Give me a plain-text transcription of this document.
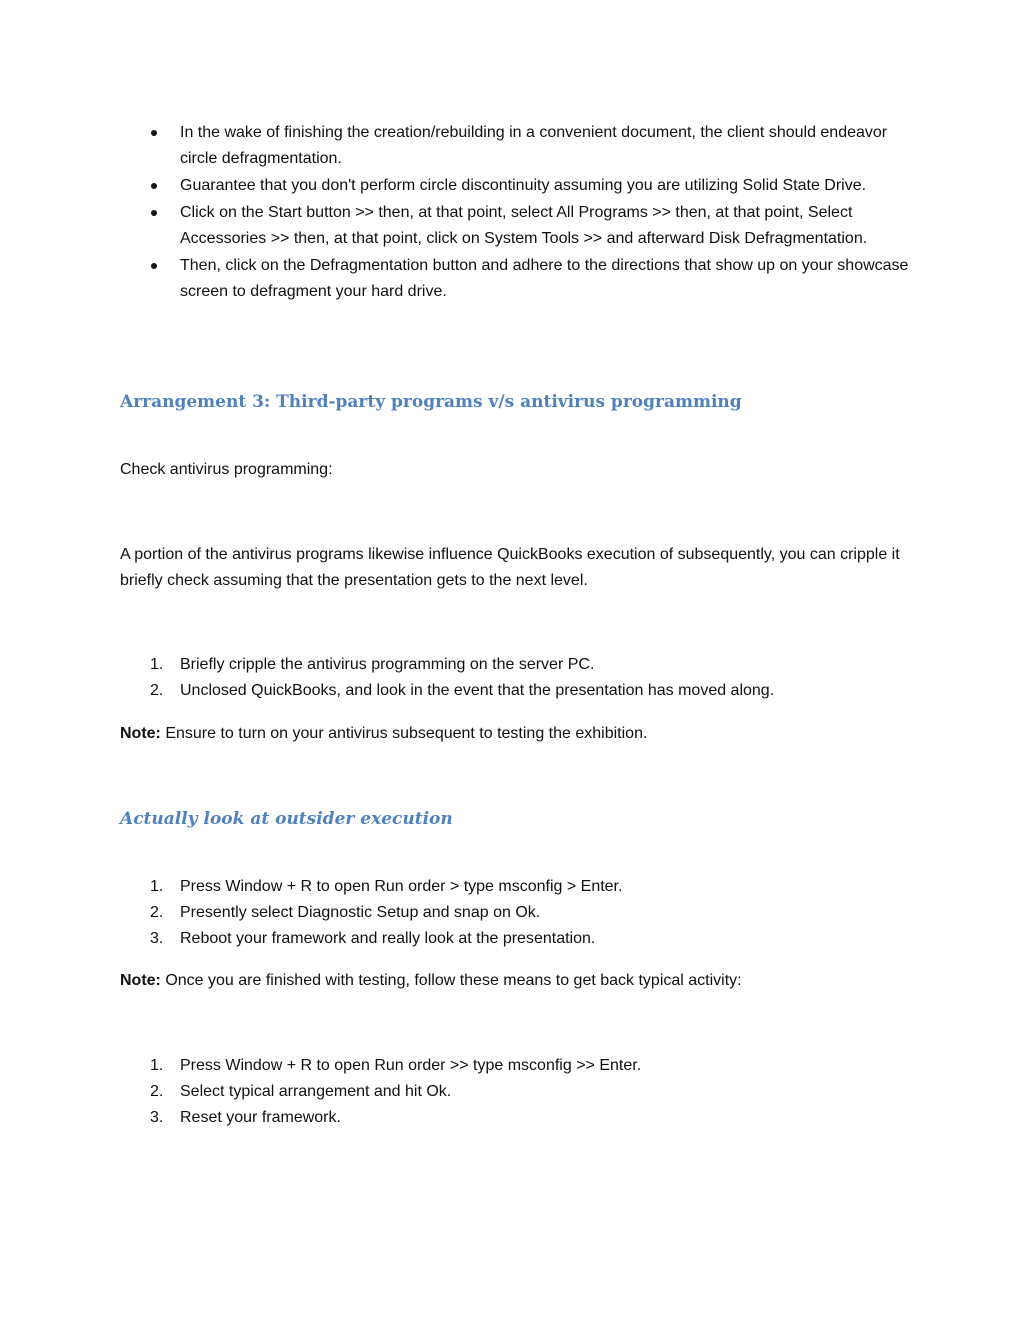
In the wake of finishing the creation/rebuilding in a convenient document, the client should endeavor circle defragmentation.
Guarantee that you don't perform circle discontinuity assuming you are utilizing Solid State Drive.
Click on the Start button >> then, at that point, select All Programs >> then, at that point, Select Accessories >> then, at that point, click on System Tools >> and afterward Disk Defragmentation.
Then, click on the Defragmentation button and adhere to the directions that show up on your showcase screen to defragment your hard drive.
Arrangement 3: Third-party programs v/s antivirus programming
Check antivirus programming:
A portion of the antivirus programs likewise influence QuickBooks execution of subsequently, you can cripple it briefly check assuming that the presentation gets to the next level.
1. Briefly cripple the antivirus programming on the server PC.
2. Unclosed QuickBooks, and look in the event that the presentation has moved along.
Note: Ensure to turn on your antivirus subsequent to testing the exhibition.
Actually look at outsider execution
1. Press Window + R to open Run order > type msconfig > Enter.
2. Presently select Diagnostic Setup and snap on Ok.
3. Reboot your framework and really look at the presentation.
Note: Once you are finished with testing, follow these means to get back typical activity:
1. Press Window + R to open Run order >> type msconfig >> Enter.
2. Select typical arrangement and hit Ok.
3. Reset your framework.
